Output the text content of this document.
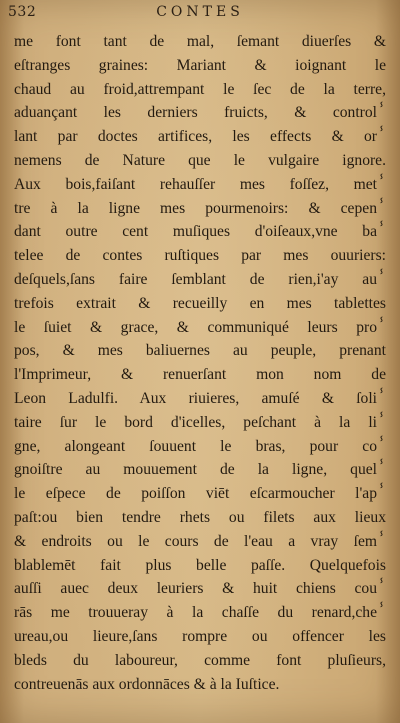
532	CONTES
me font tant de mal, ſemant diuerſes &
eſtranges graines: Mariant & ioignant le
chaud au froid,attrempant le ſec de la terre,
aduançant les derniers fruicts, & controlⸯ
lant par doctes artifices, les effects & orⸯ
nemens de Nature que le vulgaire ignore.
Aux bois,faiſant rehauſſer mes foſſez, metⸯ
tre à la ligne mes pourmenoirs: & cepenⸯ
dant outre cent muſiques d'oiſeaux,vne baⸯ
telee de contes ruſtiques par mes ouuriers:
deſquels,ſans faire ſemblant de rien,i'ay auⸯ
trefois extrait & recueilly en mes tablettes
le ſuiet & grace, & communiqué leurs proⸯ
pos, & mes baliuernes au peuple, prenant
l'Imprimeur, & renuerſant mon nom de
Leon Ladulfi. Aux riuieres, amuſé & ſoliⸯ
taire ſur le bord d'icelles, peſchant à la liⸯ
gne, alongeant ſouuent le bras, pour coⸯ
gnoiſtre au mouuement de la ligne, quelⸯ
le eſpece de poiſſon viēt eſcarmoucher l'apⸯ
paſt:ou bien tendre rhets ou filets aux lieux
& endroits ou le cours de l'eau a vray ſemⸯ
blablemēt fait plus belle paſſe. Quelquefois
auſſi auec deux leuriers & huit chiens couⸯ
rās me trouueray à la chaſſe du renard,cheⸯ
ureau,ou lieure,ſans rompre ou offencer les
bleds du laboureur, comme font pluſieurs,
contreuenās aux ordonnāces & à la Iuſtice.
